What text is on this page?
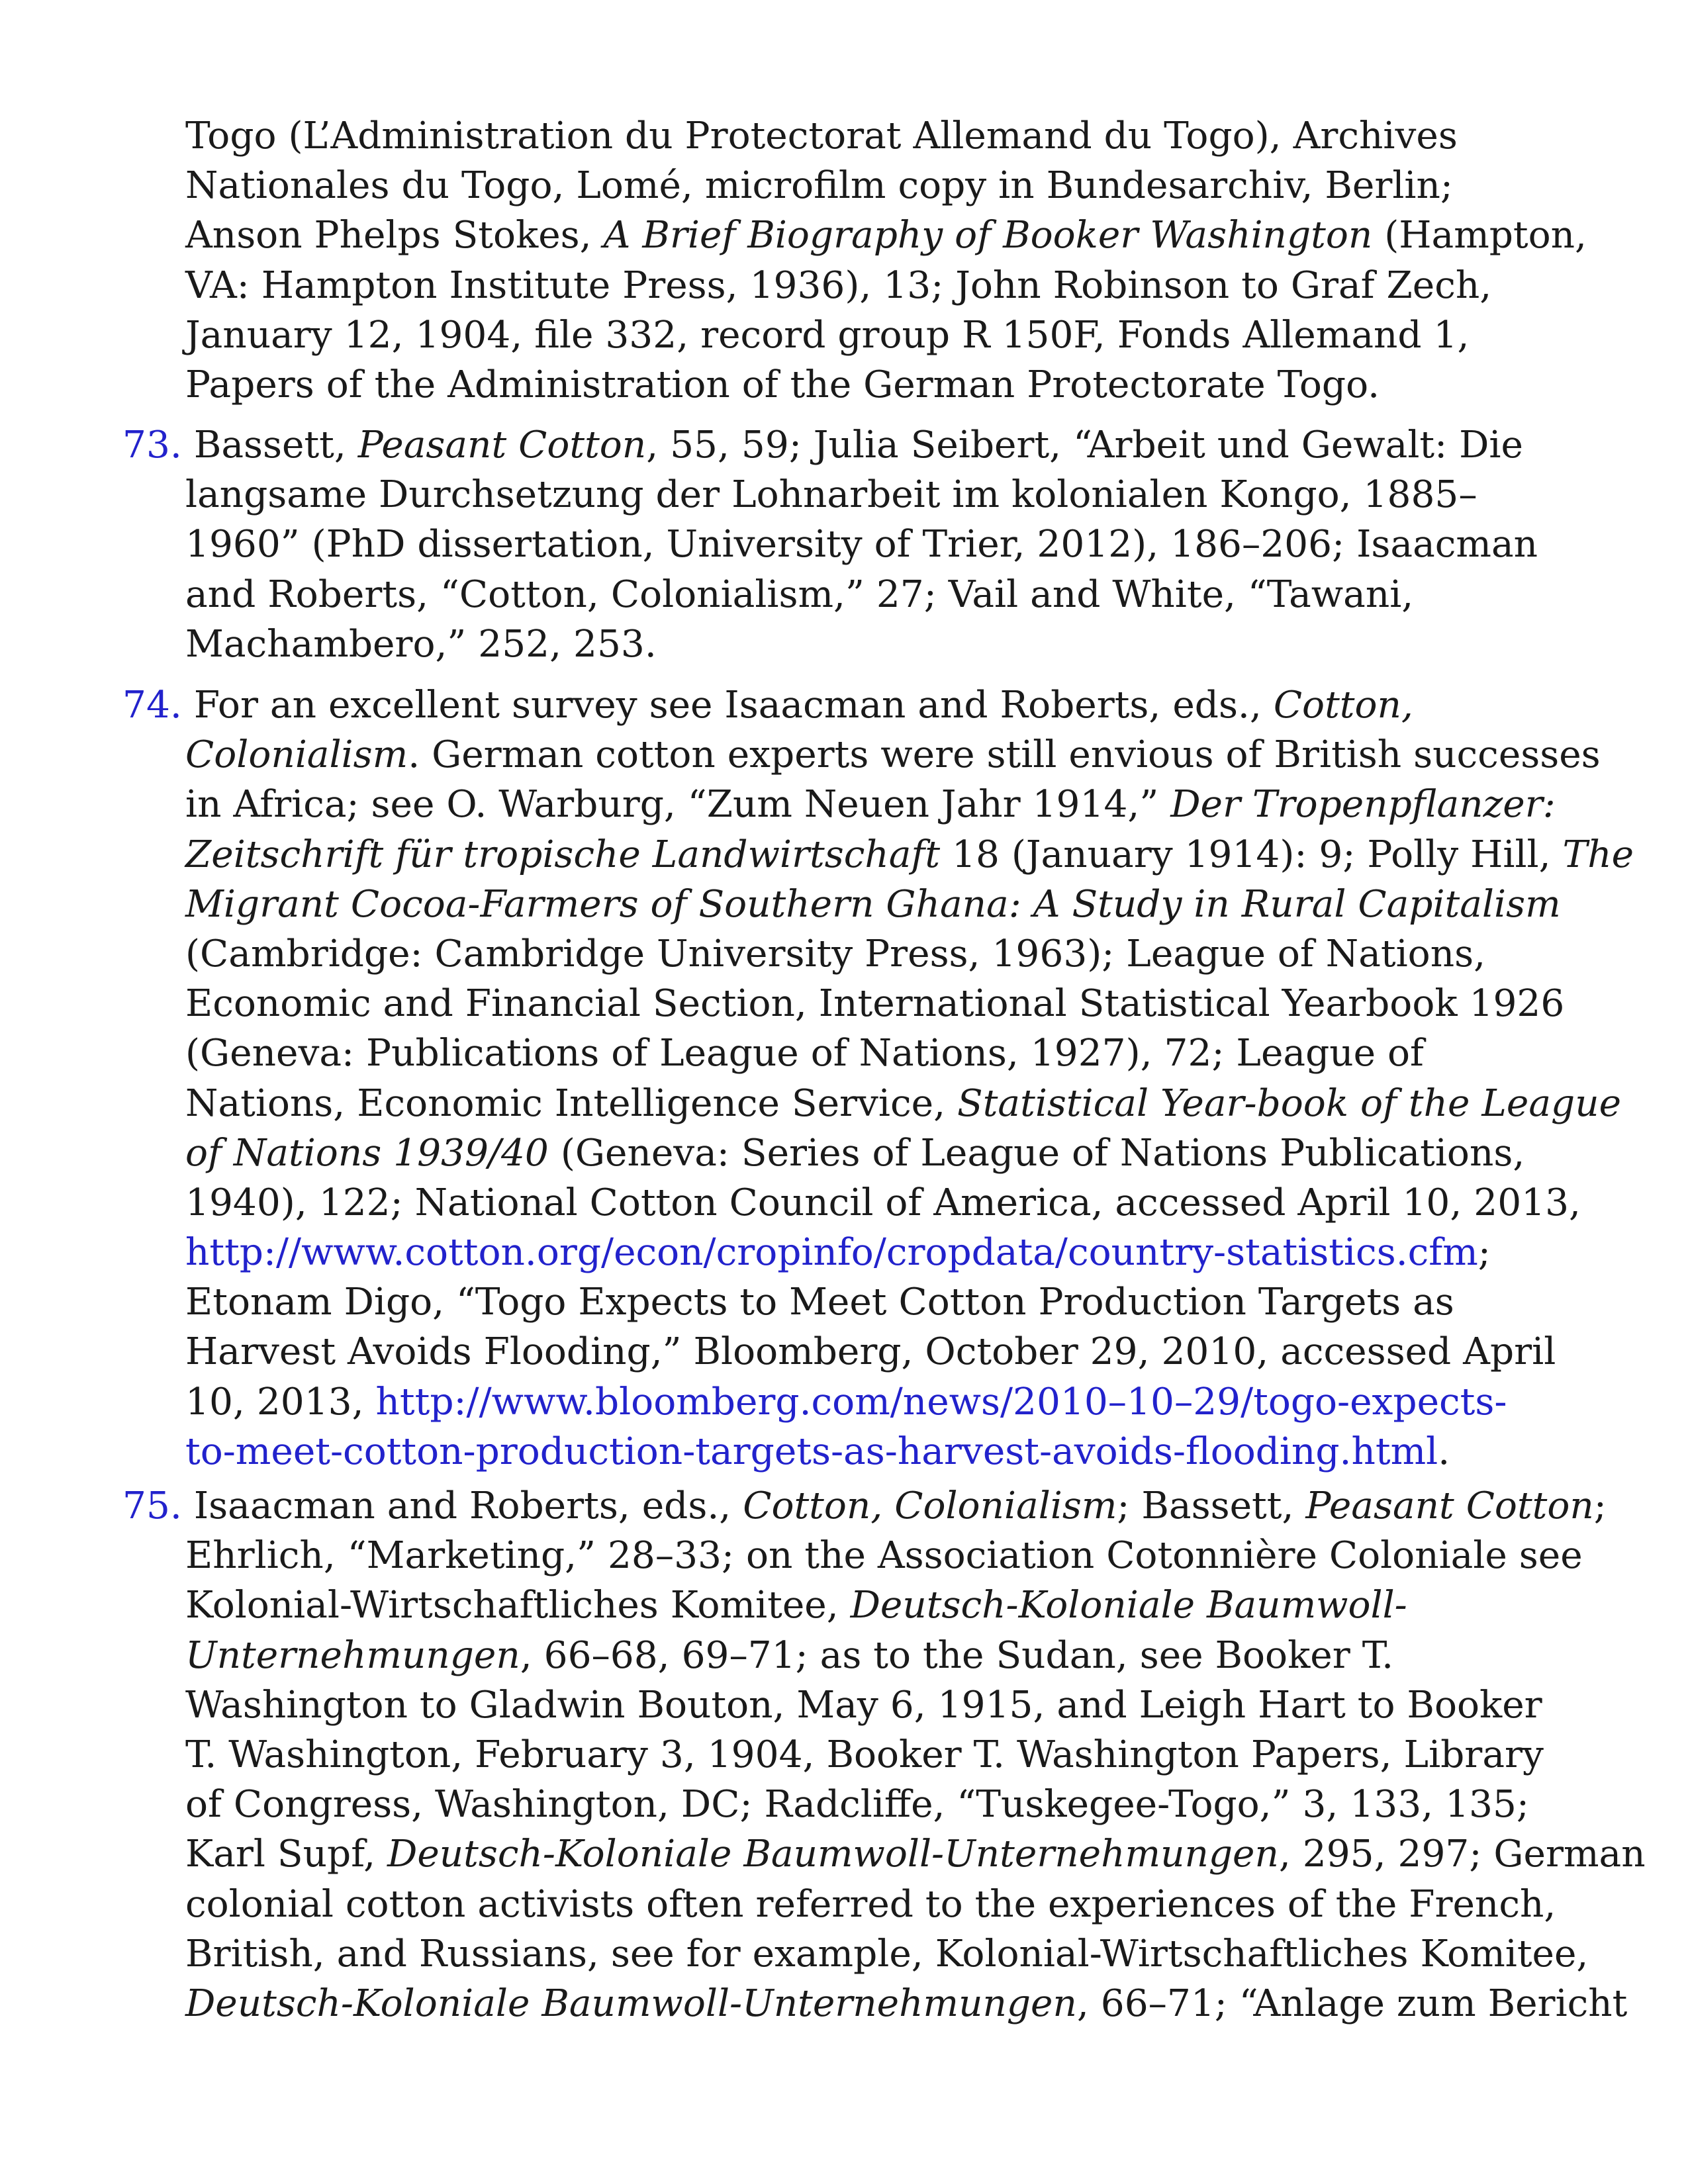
Togo (L’Administration du Protectorat Allemand du Togo), Archives
Nationales du Togo, Lomé, microfilm copy in Bundesarchiv, Berlin;
Anson Phelps Stokes, A Brief Biography of Booker Washington (Hampton,
VA: Hampton Institute Press, 1936), 13; John Robinson to Graf Zech,
January 12, 1904, file 332, record group R 150F, Fonds Allemand 1,
Papers of the Administration of the German Protectorate Togo.
73. Bassett, Peasant Cotton, 55, 59; Julia Seibert, “Arbeit und Gewalt: Die
langsame Durchsetzung der Lohnarbeit im kolonialen Kongo, 1885–
1960” (PhD dissertation, University of Trier, 2012), 186–206; Isaacman
and Roberts, “Cotton, Colonialism,” 27; Vail and White, “Tawani,
Machambero,” 252, 253.
74. For an excellent survey see Isaacman and Roberts, eds., Cotton,
Colonialism. German cotton experts were still envious of British successes
in Africa; see O. Warburg, “Zum Neuen Jahr 1914,” Der Tropenpflanzer:
Zeitschrift für tropische Landwirtschaft 18 (January 1914): 9; Polly Hill, The
Migrant Cocoa-Farmers of Southern Ghana: A Study in Rural Capitalism
(Cambridge: Cambridge University Press, 1963); League of Nations,
Economic and Financial Section, International Statistical Yearbook 1926
(Geneva: Publications of League of Nations, 1927), 72; League of
Nations, Economic Intelligence Service, Statistical Year-book of the League
of Nations 1939/40 (Geneva: Series of League of Nations Publications,
1940), 122; National Cotton Council of America, accessed April 10, 2013,
http://www.cotton.org/econ/cropinfo/cropdata/country-statistics.cfm;
Etonam Digo, “Togo Expects to Meet Cotton Production Targets as
Harvest Avoids Flooding,” Bloomberg, October 29, 2010, accessed April
10, 2013, http://www.bloomberg.com/news/2010–10–29/togo-expects-
to-meet-cotton-production-targets-as-harvest-avoids-flooding.html.
75. Isaacman and Roberts, eds., Cotton, Colonialism; Bassett, Peasant Cotton;
Ehrlich, “Marketing,” 28–33; on the Association Cotonnière Coloniale see
Kolonial-Wirtschaftliches Komitee, Deutsch-Koloniale Baumwoll-
Unternehmungen, 66–68, 69–71; as to the Sudan, see Booker T.
Washington to Gladwin Bouton, May 6, 1915, and Leigh Hart to Booker
T. Washington, February 3, 1904, Booker T. Washington Papers, Library
of Congress, Washington, DC; Radcliffe, “Tuskegee-Togo,” 3, 133, 135;
Karl Supf, Deutsch-Koloniale Baumwoll-Unternehmungen, 295, 297; German
colonial cotton activists often referred to the experiences of the French,
British, and Russians, see for example, Kolonial-Wirtschaftliches Komitee,
Deutsch-Koloniale Baumwoll-Unternehmungen, 66–71; “Anlage zum Bericht
